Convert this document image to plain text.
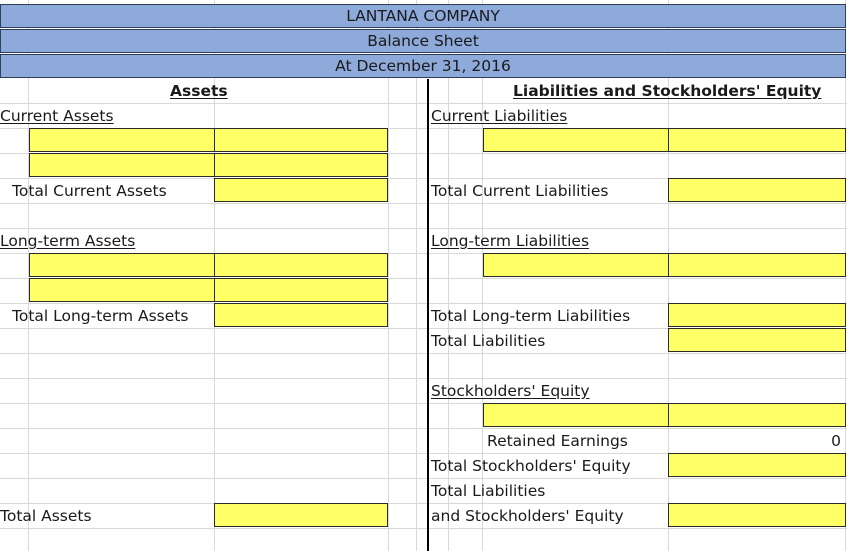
LANTANA COMPANY
Balance Sheet
At December 31, 2016
Assets
Current Assets
Total Current Assets
Long-term Assets
Total Long-term Assets
Total Assets
Liabilities and Stockholders' Equity
Current Liabilities
Total Current Liabilities
Long-term Liabilities
Total Long-term Liabilities
Total Liabilities
Stockholders' Equity
Retained Earnings	0
Total Stockholders' Equity
Total Liabilities
and Stockholders' Equity
